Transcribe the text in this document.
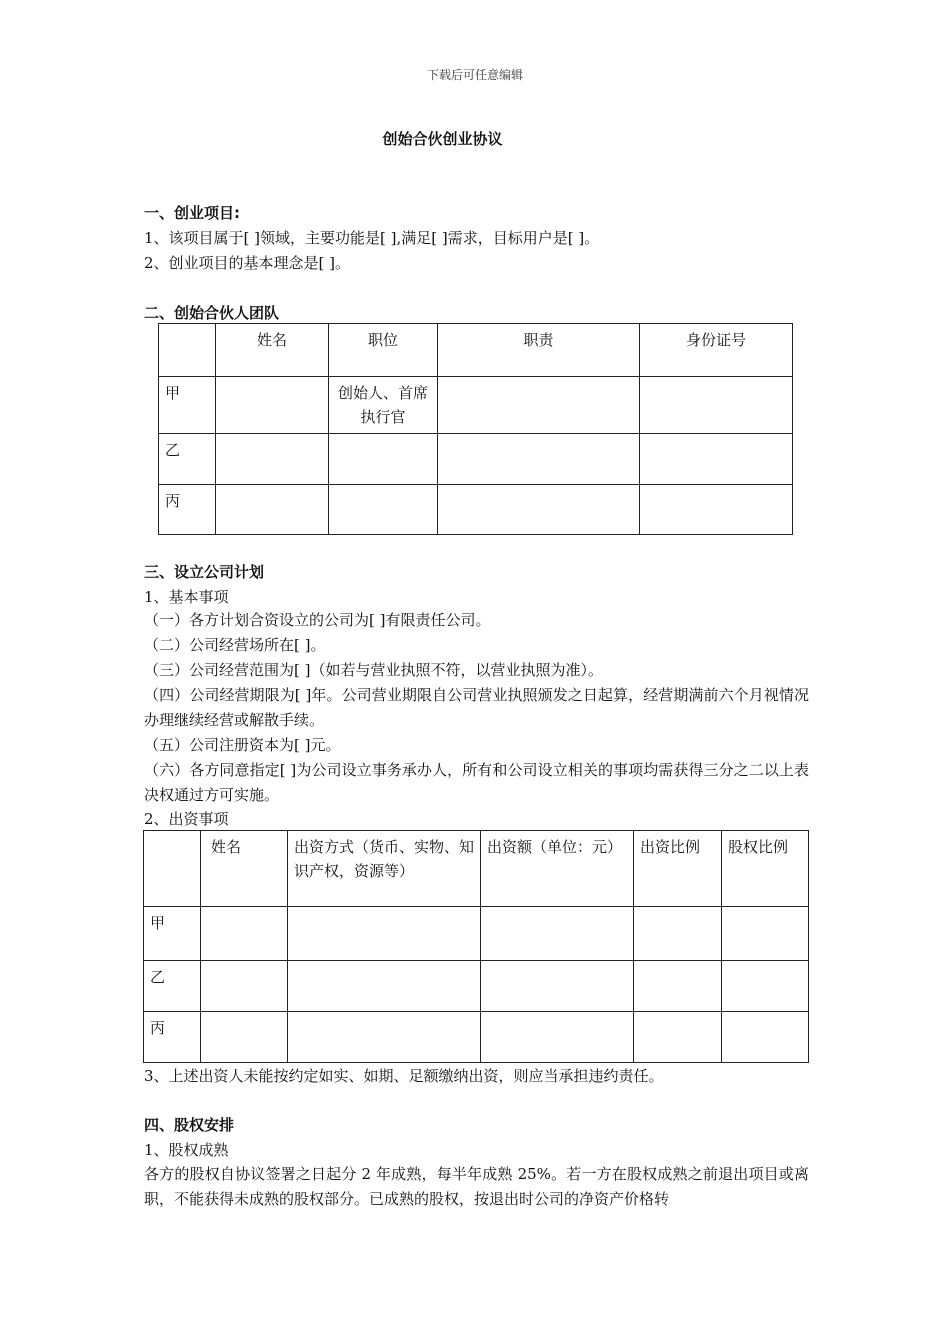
下载后可任意编辑
创始合伙创业协议
一、创业项目:
1、该项目属于[ ]领域，主要功能是[ ],满足[ ]需求，目标用户是[ ]。
2、创业项目的基本理念是[ ]。
二、创始合伙人团队
	姓名	职位	职责	身份证号
甲		创始人、首席执行官		
乙				
丙				
三、设立公司计划
1、基本事项
（一）各方计划合资设立的公司为[ ]有限责任公司。
（二）公司经营场所在[ ]。
（三）公司经营范围为[ ]（如若与营业执照不符，以营业执照为准）。
（四）公司经营期限为[ ]年。公司营业期限自公司营业执照颁发之日起算，经营期满前六个月视情况办理继续经营或解散手续。
（五）公司注册资本为[ ]元。
（六）各方同意指定[ ]为公司设立事务承办人，所有和公司设立相关的事项均需获得三分之二以上表决权通过方可实施。
2、出资事项
	姓名	出资方式（货币、实物、知识产权，资源等）	出资额（单位：元）	出资比例	股权比例
甲					
乙					
丙					
3、上述出资人未能按约定如实、如期、足额缴纳出资，则应当承担违约责任。
四、股权安排
1、股权成熟
各方的股权自协议签署之日起分 2 年成熟，每半年成熟 25%。若一方在股权成熟之前退出项目或离职，不能获得未成熟的股权部分。已成熟的股权，按退出时公司的净资产价格转
